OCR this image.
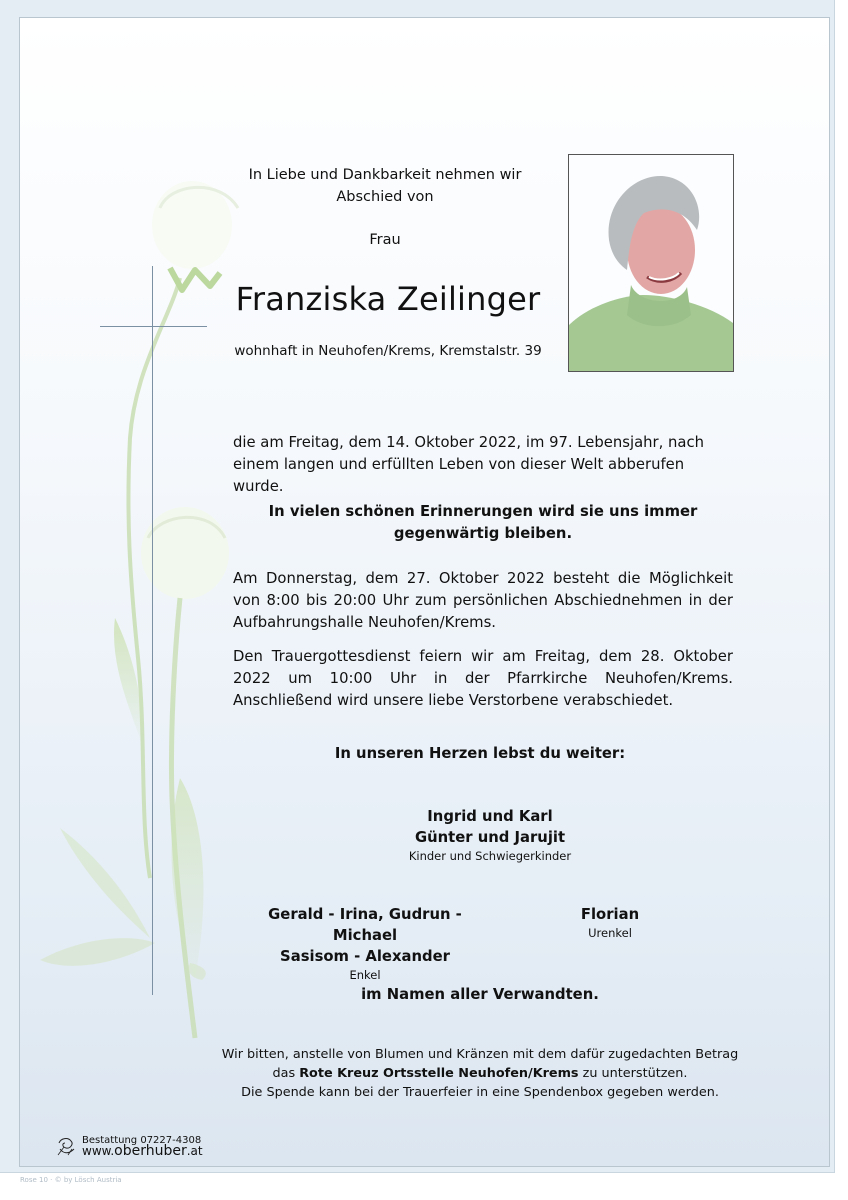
In Liebe und Dankbarkeit nehmen wir Abschied von
Frau
Franziska Zeilinger
wohnhaft in Neuhofen/Krems, Kremstalstr. 39
die am Freitag, dem 14. Oktober 2022, im 97. Lebensjahr, nach einem langen und erfüllten Leben von dieser Welt abberufen wurde.
In vielen schönen Erinnerungen wird sie uns immer gegenwärtig bleiben.
Am Donnerstag, dem 27. Oktober 2022 besteht die Möglichkeit von 8:00 bis 20:00 Uhr zum persönlichen Abschiednehmen in der Aufbahrungshalle Neuhofen/Krems.
Den Trauergottesdienst feiern wir am Freitag, dem 28. Oktober 2022 um 10:00 Uhr in der Pfarrkirche Neuhofen/Krems. Anschließend wird unsere liebe Verstorbene verabschiedet.
In unseren Herzen lebst du weiter:
Ingrid und Karl
Günter und Jarujit
Kinder und Schwiegerkinder
Gerald - Irina, Gudrun - Michael
Sasisom - Alexander
Enkel
Florian
Urenkel
im Namen aller Verwandten.
Wir bitten, anstelle von Blumen und Kränzen mit dem dafür zugedachten Betrag das Rote Kreuz Ortsstelle Neuhofen/Krems zu unterstützen.
Die Spende kann bei der Trauerfeier in eine Spendenbox gegeben werden.
Bestattung 07227-4308
www.oberhuber.at
Rose 10 · © by Lösch Austria
